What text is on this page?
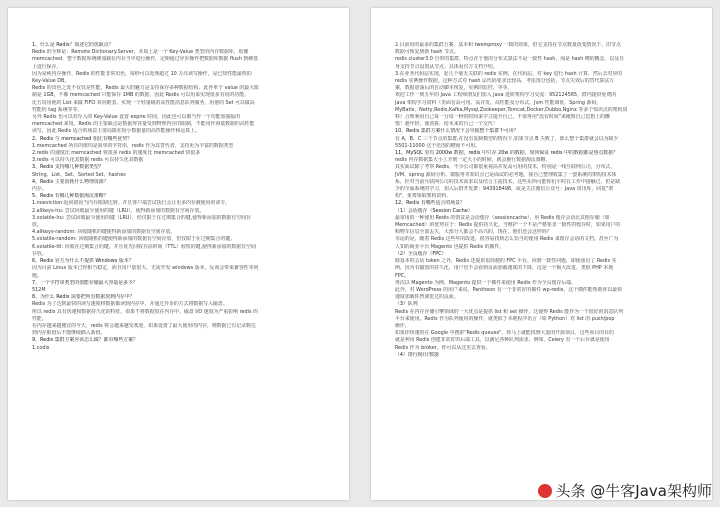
1、什么是 Redis？简述它的优缺点？
Redis 的全称是：Remote Dictionary.Server，本质上是一个 Key-Value 类型的内存数据库，很像
memcached，整个数据库统统加载在内存当中进行操作，定期通过异步操作把数据库数据 flush 到硬盘
上进行保存。
因为是纯内存操作，Redis 的性能非常出色，每秒可以处理超过 10 万次读写操作，是已知性能最快的
Key-Value DB。
Redis 的出色之处不仅仅是性能，Redis 最大的魅力是支持保存多种数据结构，此外单个 value 的最大限
制是 1GB，不像 memcached 只能保存 1MB 的数据，因此 Redis 可以用来实现很多有用的功能。
比方说用他的 List 来做 FIFO 双向链表，实现一个轻量级的高性能消息队列服务，用他的 Set 可以做高
性能的 tag 系统等等。
另外 Redis 也可以对存入的 Key-Value 设置 expire 时间，因此也可以被当作一个功能加强版的
memcached 来用。Redis 的主要缺点是数据库容量受到物理内存的限制，不能用作海量数据的高性能
读写，因此 Redis 适合的场景主要局限在较小数据量的高性能操作和运算上。
2、Redis 与 memcached 相比有哪些优势？
1.memcached 所有的值均是简单的字符串，redis 作为其替代者，支持更为丰富的数据类型
2.redis 的速度比 memcached 快很多 redis 的速度比 memcached 快很多
3.redis 可以持久化其数据 redis 可以持久化其数据
3、Redis 支持哪几种数据类型？
String、List、Set、Sorted Set、hashes
4、Redis 主要消耗什么物理资源？
内存。
5、Redis 有哪几种数据淘汰策略？
1.noeviction:返回错误当内存限制达到，并且客户端尝试执行会让更多内存被使用的命令。
2.allkeys-lru: 尝试回收最少使用的键（LRU），使得新添加的数据有空间存放。
3.volatile-lru: 尝试回收最少使用的键（LRU），但仅限于在过期集合的键,使得新添加的数据有空间存
放。
4.allkeys-random: 回收随机的键使得新添加的数据有空间存放。
5.volatile-random: 回收随机的键使得新添加的数据有空间存放，但仅限于在过期集合的键。
6.volatile-ttl: 回收在过期集合的键，并且优先回收存活时间（TTL）较短的键,使得新添加的数据有空间
存放。
6、Redis 官方为什么不提供 Windows 版本？
因为目前 Linux 版本已经相当稳定，而且用户量很大，无需开发 windows 版本，反而会带来兼容性等问
题。
7、一个字符串类型的值能存储最大容量是多少？
512M
8、为什么 Redis 需要把所有数据放到内存中？
Redis 为了达到最快的读写速度将数据都读到内存中，并通过异步的方式将数据写入磁盘。
所以 redis 具有快速和数据持久化的特征，如果不将数据放在内存中，磁盘 I/O 速度为严重影响 redis 的
性能。
在内存越来越便宜的今天，redis 将会越来越受欢迎，如果设置了最大使用的内存，则数据已有记录数达
到内存限值后不能继续插入新值。
9、Redis 集群方案应该怎么做？都有哪些方案？
1.codis
2.目前用的最多的集群方案，基本和 twemproxy 一致的效果，但它支持在节点数量改变情况下，旧节点
数据可恢复到新 hash 节点。
redis cluster3.0 自带的集群，特点在于他的分布式算法不是一致性 hash，而是 hash 槽的概念，以及自
身支持节点设置从节点。具体看官方文档介绍。
3.在业务代码层实现，起几个毫无关联的 redis 实例，在代码层，对 key 进行 hash 计算，然后去对应的
redis 实例操作数据。这种方式对 hash 层代码要求比较高，考虑部分包括，节点失效后的替代算法方
案，数据震荡后的自动脚本恢复，实例的监控，等等。
欢迎工作一到五年的 Java 工程师朋友们加入 Java 进阶架构学习交流：952124565，群内提供免费的
Java 架构学习资料（里面有高可用、高并发、高性能及分布式、Jvm 性能调优、Spring 源码，
MyBatis，Netty,Redis,Kafka,Mysql,Zookeeper,Tomcat,Docker,Dubbo,Nginx 等多个知识点的架构资
料）合理利用自己每一分每一秒的时间来学习提升自己，不要再用"没有时间"来掩饰自己思想上的懒
惰！趁年轻，使劲拼，给未来的自己一个交代！
10、Redis 集群方案什么情况下会导致整个集群不可用？
有 A，B，C 三个节点的集群,在没有复制模型的情况下,如果节点 B 失败了，那么整个集群就会以为缺少
5501-11000 这个范围的槽而不可用。
11、MySQL 里有 2000w 数据，redis 中只存 20w 的数据，如何保证 redis 中的数据都是热点数据？
redis 内存数据集大小上升到一定大小的时候，就会施行数据淘汰策略。
其实面试除了考察 Redis，不少公司都很重视高并发高可用的技术，特别是一线互联网公司，分布式、
JVM、spring 源码分析、微服务等知识点已是面试的必考题。我自己整理收集了一套系统的架构技术体
系，针对当前互联网公司的技术需求以及结合主流技术，这些东西可能你们平时在工作中接触过，但是缺
少的全面系统的学习，加入后群开发群：943918498，或是关注微信公众号：Java 资讯库，回复"架
构"，免费领取架构资料。
12、Redis 有哪些适合的场景？
（1）会话缓存（Session Cache）
最常用的一种使用 Redis 的情景是会话缓存（sessioncache），用 Redis 缓存会话比其他存储（如
Memcached）的优势在于：Redis 提供持久化。当维护一个不是严格要求一致性的缓存时，如果用户的
购物车信息全部丢失，大部分人都会不高兴的，现在，他们还会这样吗？
幸运的是，随着 Redis 这些年的改进，很容易找到怎么恰当的使用 Redis 来缓存会话的文档。甚至广为
人知的商业平台 Magento 也提供 Redis 的插件。
（2）全页缓存（FPC）
除基本的会话 token 之外，Redis 还提供很简便的 FPC 平台。回到一致性问题，即使重启了 Redis 实
例，因为有磁盘的持久化，用户也不会看到页面加载速度的下降，这是一个极大改进，类似 PHP 本地
FPC。
再次以 Magento 为例，Magento 提供一个插件来使用 Redis 作为全页缓存后端。
此外，对 WordPress 的用户来说，Pantheon 有一个非常好的插件 wp-redis，这个插件能帮助你以最快
速度加载你曾浏览过的页面。
（3）队列
Redis 在内存存储引擎领域的一大优点是提供 list 和 set 操作，这使得 Redis 能作为一个很好的消息队列
平台来使用。Redis 作为队列使用的操作，就类似于本地程序语言（如 Python）对 list 的 push/pop
操作。
如果你快速的在 Google 中搜索"Redis queues"，你马上就能找到大量的开源项目，这些项目的目的
就是利用 Redis 创建非常好的后端工具，以满足各种队列需求。例如，Celery 有一个后台就是使用
Redis 作为 broker，你可以从这里去查看。
（4）排行榜/计数器
头条 @牛客Java架构师
